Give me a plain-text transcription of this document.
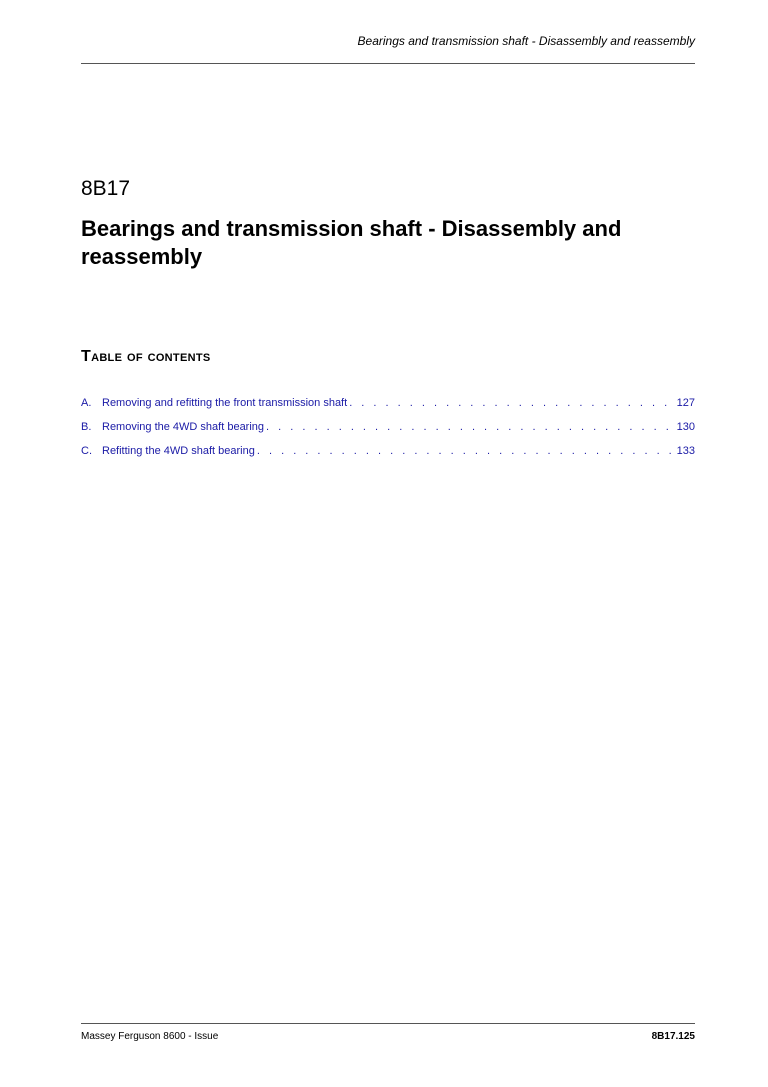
Bearings and transmission shaft - Disassembly and reassembly
8B17
Bearings and transmission shaft - Disassembly and reassembly
Table of contents
A. Removing and refitting the front transmission shaft . . .	127
B. Removing the 4WD shaft bearing . . .	130
C. Refitting the 4WD shaft bearing . . .	133
Massey Ferguson 8600 - Issue	8B17.125
